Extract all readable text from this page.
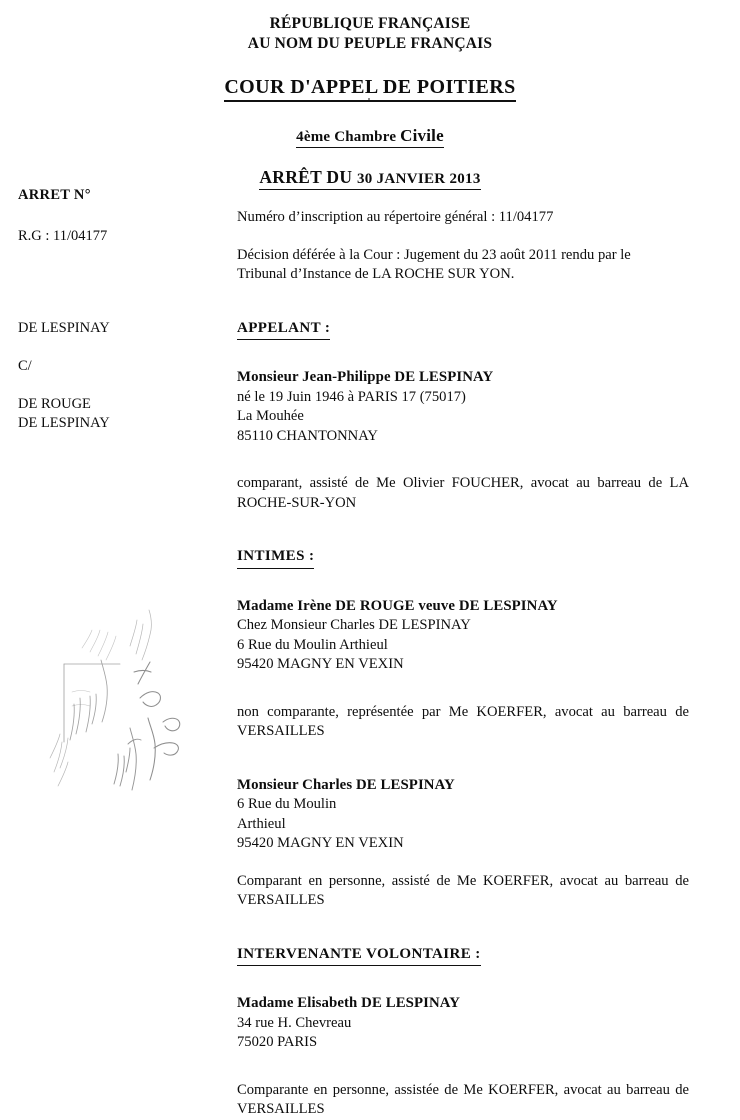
RÉPUBLIQUE FRANÇAISE
AU NOM DU PEUPLE FRANÇAIS
COUR D'APPEL DE POITIERS
4ème Chambre Civile
ARRÊT DU 30 JANVIER 2013
ARRET N°
R.G : 11/04177
DE LESPINAY
C/
DE ROUGE
DE LESPINAY

Numéro d’inscription au répertoire général : 11/04177

Décision déférée à la Cour : Jugement du 23 août 2011 rendu par le

Tribunal d’Instance de LA ROCHE SUR YON.

APPELANT :

Monsieur Jean-Philippe DE LESPINAY

né le 19 Juin 1946 à PARIS 17 (75017)

La Mouhée

85110 CHANTONNAY

comparant, assisté de Me Olivier FOUCHER, avocat au barreau de LA
ROCHE-SUR-YON
INTIMES :

Madame Irène DE ROUGE veuve DE LESPINAY

Chez Monsieur Charles DE LESPINAY

6 Rue du Moulin Arthieul

95420 MAGNY EN VEXIN

non comparante, représentée par Me KOERFER, avocat au barreau de
VERSAILLES

Monsieur Charles DE LESPINAY

6 Rue du Moulin

Arthieul

95420 MAGNY EN VEXIN

Comparant en personne, assisté de Me KOERFER, avocat au barreau de
VERSAILLES
INTERVENANTE VOLONTAIRE :

Madame Elisabeth DE LESPINAY

34 rue H. Chevreau

75020 PARIS

Comparante en personne, assistée de Me KOERFER, avocat au barreau de
VERSAILLES
